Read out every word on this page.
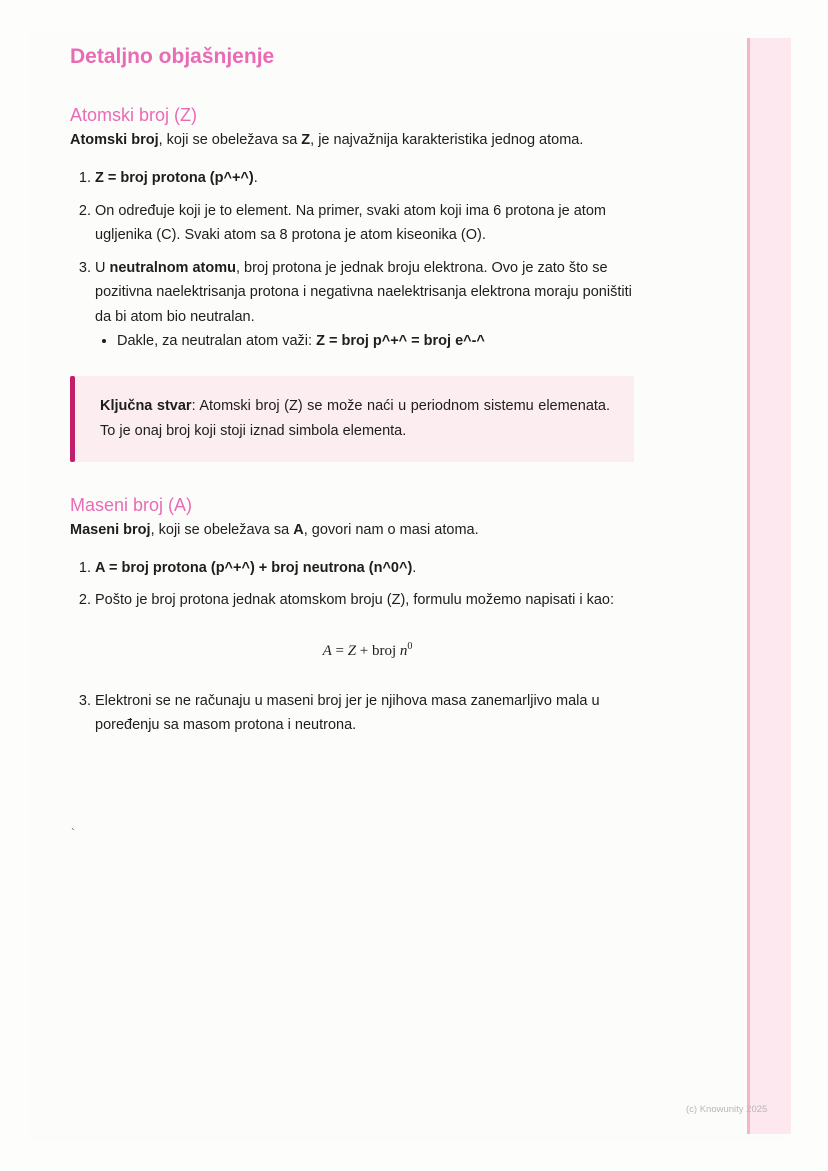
Detaljno objašnjenje
Atomski broj (Z)

Atomski broj, koji se obeležava sa Z, je najvažnija karakteristika jednog atoma.

1. Z = broj protona (p^+^).
2. On određuje koji je to element. Na primer, svaki atom koji ima 6 protona je atom ugljenika (C). Svaki atom sa 8 protona je atom kiseonika (O).
3. U neutralnom atomu, broj protona je jednak broju elektrona. Ovo je zato što se pozitivna naelektrisanja protona i negativna naelektrisanja elektrona moraju poništiti da bi atom bio neutralan.
• Dakle, za neutralan atom važi: Z = broj p^+^ = broj e^-^
Ključna stvar: Atomski broj (Z) se može naći u periodnom sistemu elemenata. To je onaj broj koji stoji iznad simbola elementa.
Maseni broj (A)

Maseni broj, koji se obeležava sa A, govori nam o masi atoma.

1. A = broj protona (p^+^) + broj neutrona (n^0^).
2. Pošto je broj protona jednak atomskom broju (Z), formulu možemo napisati i kao:
A = Z + broj $n^0$
3. Elektroni se ne računaju u maseni broj jer je njihova masa zanemarljivo mala u poređenju sa masom protona i neutrona.
`
(c) Knowunity 2025
